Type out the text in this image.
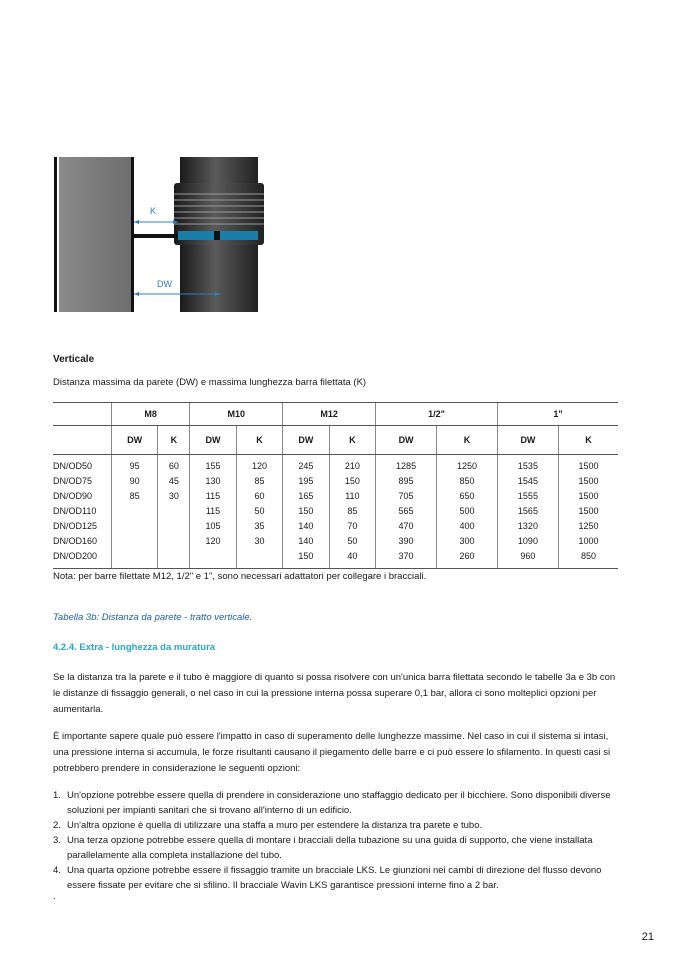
K
DW
Verticale
Distanza massima da parete (DW) e massima lunghezza barra filettata (K)
	M8		M10		M12		1/2"		1"	
	DW	K	DW	K	DW	K	DW	K	DW	K
DN/OD50	95	60	155	120	245	210	1285	1250	1535	1500
DN/OD75	90	45	130	85	195	150	895	850	1545	1500
DN/OD90	85	30	115	60	165	110	705	650	1555	1500
DN/OD110			115	50	150	85	565	500	1565	1500
DN/OD125			105	35	140	70	470	400	1320	1250
DN/OD160			120	30	140	50	390	300	1090	1000
DN/OD200					150	40	370	260	960	850
Nota: per barre filettate M12, 1/2" e 1", sono necessari adattatori per collegare i bracciali.
Tabella 3b: Distanza da parete - tratto verticale.
4.2.4. Extra - lunghezza da muratura
Se la distanza tra la parete e il tubo è maggiore di quanto si possa risolvere con un'unica barra filettata secondo le tabelle 3a e 3b con le distanze di fissaggio generali, o nel caso in cui la pressione interna possa superare 0,1 bar, allora ci sono molteplici opzioni per aumentarla.
È importante sapere quale può essere l'impatto in caso di superamento delle lunghezze massime. Nel caso in cui il sistema si intasi, una pressione interna si accumula, le forze risultanti causano il piegamento delle barre e ci può essere lo sfilamento. In questi casi si potrebbero prendere in considerazione le seguenti opzioni:
1. Un'opzione potrebbe essere quella di prendere in considerazione uno staffaggio dedicato per il bicchiere. Sono disponibili diverse soluzioni per impianti sanitari che si trovano all'interno di un edificio.
2. Un'altra opzione è quella di utilizzare una staffa a muro per estendere la distanza tra parete e tubo.
3. Una terza opzione potrebbe essere quella di montare i bracciali della tubazione su una guida di supporto, che viene installata parallelamente alla completa installazione del tubo.
4. Una quarta opzione potrebbe essere il fissaggio tramite un bracciale LKS. Le giunzioni nei cambi di direzione del flusso devono essere fissate per evitare che si sfilino. Il bracciale Wavin LKS garantisce pressioni interne fino a 2 bar.
.
21
